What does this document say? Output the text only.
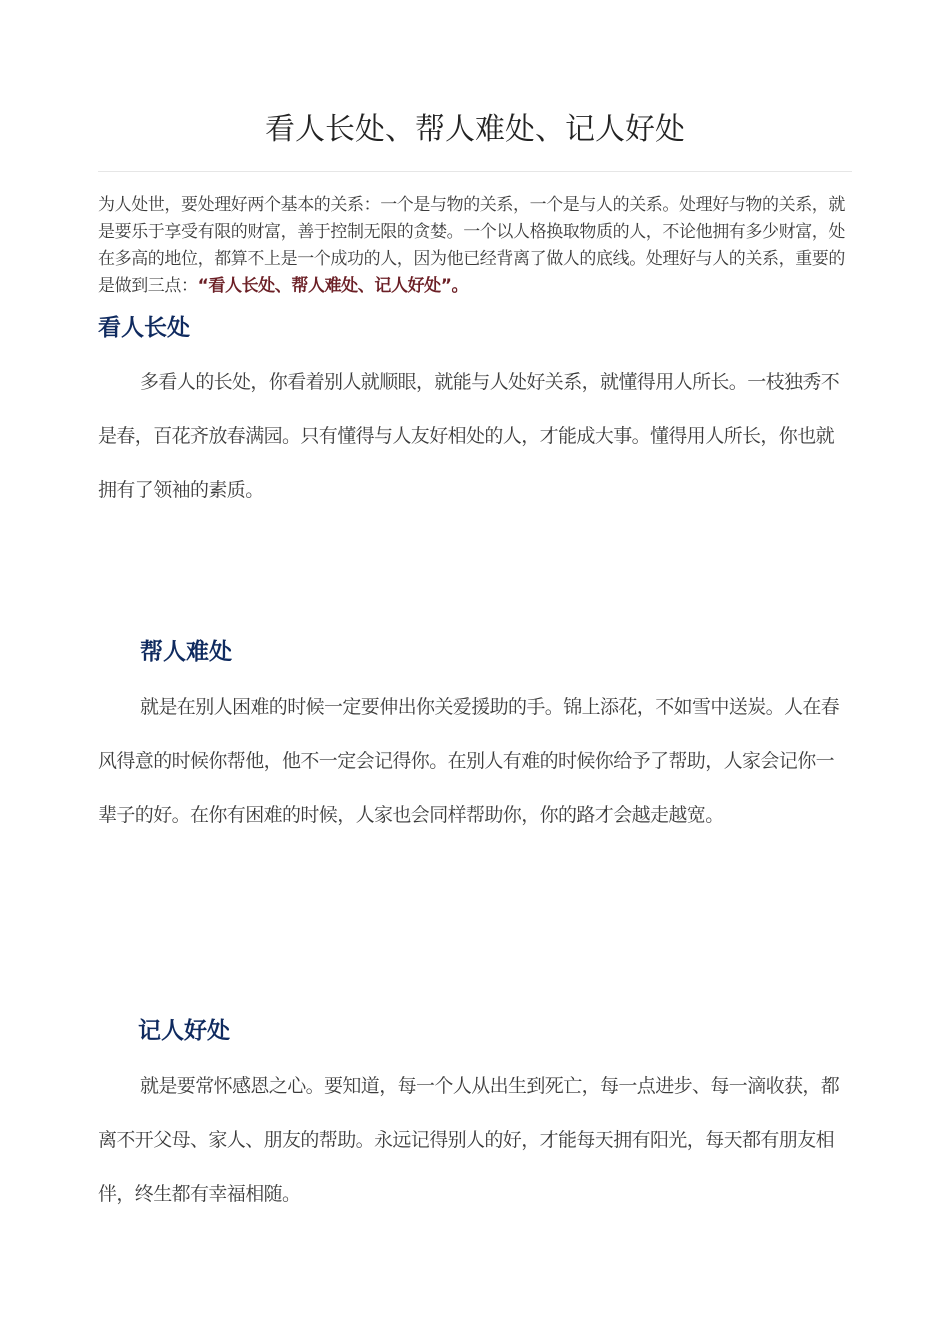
看人长处、帮人难处、记人好处

为人处世，要处理好两个基本的关系：一个是与物的关系，一个是与人的关系。处理好与物的关系，就是要乐于享受有限的财富，善于控制无限的贪婪。一个以人格换取物质的人，不论他拥有多少财富，处在多高的地位，都算不上是一个成功的人，因为他已经背离了做人的底线。处理好与人的关系，重要的是做到三点：“看人长处、帮人难处、记人好处”。

看人长处

多看人的长处，你看着别人就顺眼，就能与人处好关系，就懂得用人所长。一枝独秀不是春，百花齐放春满园。只有懂得与人友好相处的人，才能成大事。懂得用人所长，你也就拥有了领袖的素质。

帮人难处

就是在别人困难的时候一定要伸出你关爱援助的手。锦上添花，不如雪中送炭。人在春风得意的时候你帮他，他不一定会记得你。在别人有难的时候你给予了帮助，人家会记你一辈子的好。在你有困难的时候，人家也会同样帮助你，你的路才会越走越宽。

记人好处

就是要常怀感恩之心。要知道，每一个人从出生到死亡，每一点进步、每一滴收获，都离不开父母、家人、朋友的帮助。永远记得别人的好，才能每天拥有阳光，每天都有朋友相伴，终生都有幸福相随。
